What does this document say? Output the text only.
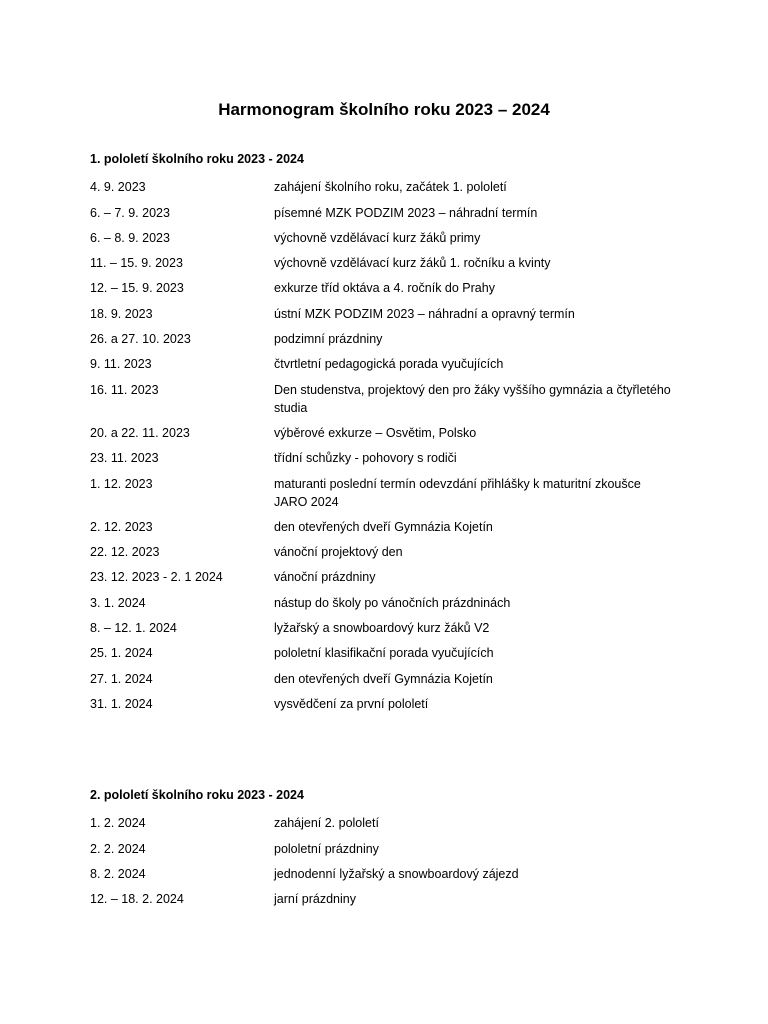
Harmonogram školního roku 2023 – 2024
1. pololetí školního roku 2023 - 2024
4. 9. 2023	zahájení školního roku, začátek 1. pololetí
6. – 7. 9. 2023	písemné MZK PODZIM 2023 – náhradní termín
6. – 8. 9. 2023	výchovně vzdělávací kurz žáků primy
11. – 15. 9. 2023	výchovně vzdělávací kurz žáků 1. ročníku a kvinty
12. – 15. 9. 2023	exkurze tříd oktáva a 4. ročník do Prahy
18. 9. 2023	ústní MZK PODZIM 2023 – náhradní a opravný termín
26. a 27. 10. 2023	podzimní prázdniny
9. 11. 2023	čtvrtletní pedagogická porada vyučujících
16. 11. 2023	Den studenstva, projektový den pro žáky vyššího gymnázia a čtyřletého studia
20. a 22. 11. 2023	výběrové exkurze – Osvětim, Polsko
23. 11. 2023	třídní schůzky - pohovory s rodiči
1. 12. 2023	maturanti poslední termín odevzdání přihlášky k maturitní zkoušce JARO 2024
2. 12. 2023	den otevřených dveří Gymnázia Kojetín
22. 12. 2023	vánoční projektový den
23. 12. 2023 - 2. 1 2024	vánoční prázdniny
3. 1. 2024	nástup do školy po vánočních prázdninách
8. – 12. 1. 2024	lyžařský a snowboardový kurz žáků V2
25. 1. 2024	pololetní klasifikační porada vyučujících
27. 1. 2024	den otevřených dveří Gymnázia Kojetín
31. 1. 2024	vysvědčení za první pololetí
2. pololetí školního roku 2023 - 2024
1. 2. 2024	zahájení 2. pololetí
2. 2. 2024	pololetní prázdniny
8. 2. 2024	jednodenní lyžařský a snowboardový zájezd
12. – 18. 2. 2024	jarní prázdniny
